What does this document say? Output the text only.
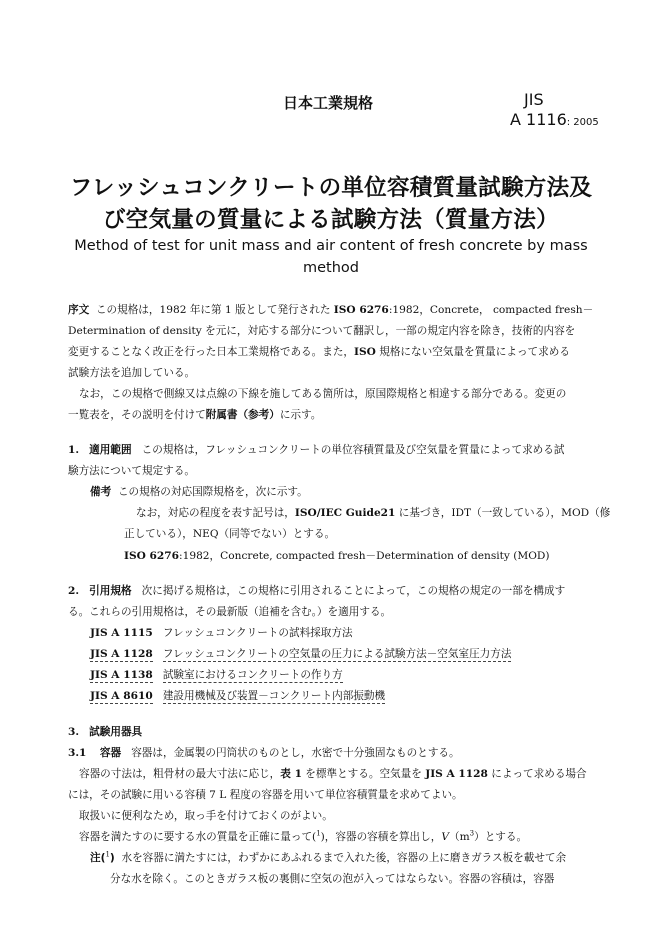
日本工業規格	JIS
A 1116: 2005
フレッシュコンクリートの単位容積質量試験方法及
び空気量の質量による試験方法（質量方法）
Method of test for unit mass and air content of fresh concrete by mass
method
序文 この規格は，1982 年に第 1 版として発行された ISO 6276:1982，Concrete， compacted fresh－
Determination of density を元に，対応する部分について翻訳し，一部の規定内容を除き，技術的内容を
変更することなく改正を行った日本工業規格である。また，ISO 規格にない空気量を質量によって求める
試験方法を追加している。
なお，この規格で側線又は点線の下線を施してある箇所は，原国際規格と相違する部分である。変更の
一覧表を，その説明を付けて附属書（参考）に示す。
1. 適用範囲 この規格は，フレッシュコンクリートの単位容積質量及び空気量を質量によって求める試
験方法について規定する。
備考 この規格の対応国際規格を，次に示す。
なお，対応の程度を表す記号は，ISO/IEC Guide21 に基づき，IDT（一致している），MOD（修
正している），NEQ（同等でない）とする。
ISO 6276:1982，Concrete, compacted fresh－Determination of density (MOD)
2. 引用規格 次に掲げる規格は，この規格に引用されることによって，この規格の規定の一部を構成す
る。これらの引用規格は，その最新版（追補を含む。）を適用する。
JIS A 1115 フレッシュコンクリートの試料採取方法
JIS A 1128 フレッシュコンクリートの空気量の圧力による試験方法－空気室圧力方法
JIS A 1138 試験室におけるコンクリートの作り方
JIS A 8610 建設用機械及び装置－コンクリート内部振動機
3. 試験用器具
3.1 容器 容器は，金属製の円筒状のものとし，水密で十分強固なものとする。
容器の寸法は，粗骨材の最大寸法に応じ，表 1 を標準とする。空気量を JIS A 1128 によって求める場合
には，その試験に用いる容積 7 L 程度の容器を用いて単位容積質量を求めてよい。
取扱いに便利なため，取っ手を付けておくのがよい。
容器を満たすのに要する水の質量を正確に量って($^1$)，容器の容積を算出し，$V(m^3)$とする。
注($^1$) 水を容器に満たすには，わずかにあふれるまで入れた後，容器の上に磨きガラス板を載せて余
分な水を除く。このときガラス板の裏側に空気の泡が入ってはならない。容器の容積は，容器
